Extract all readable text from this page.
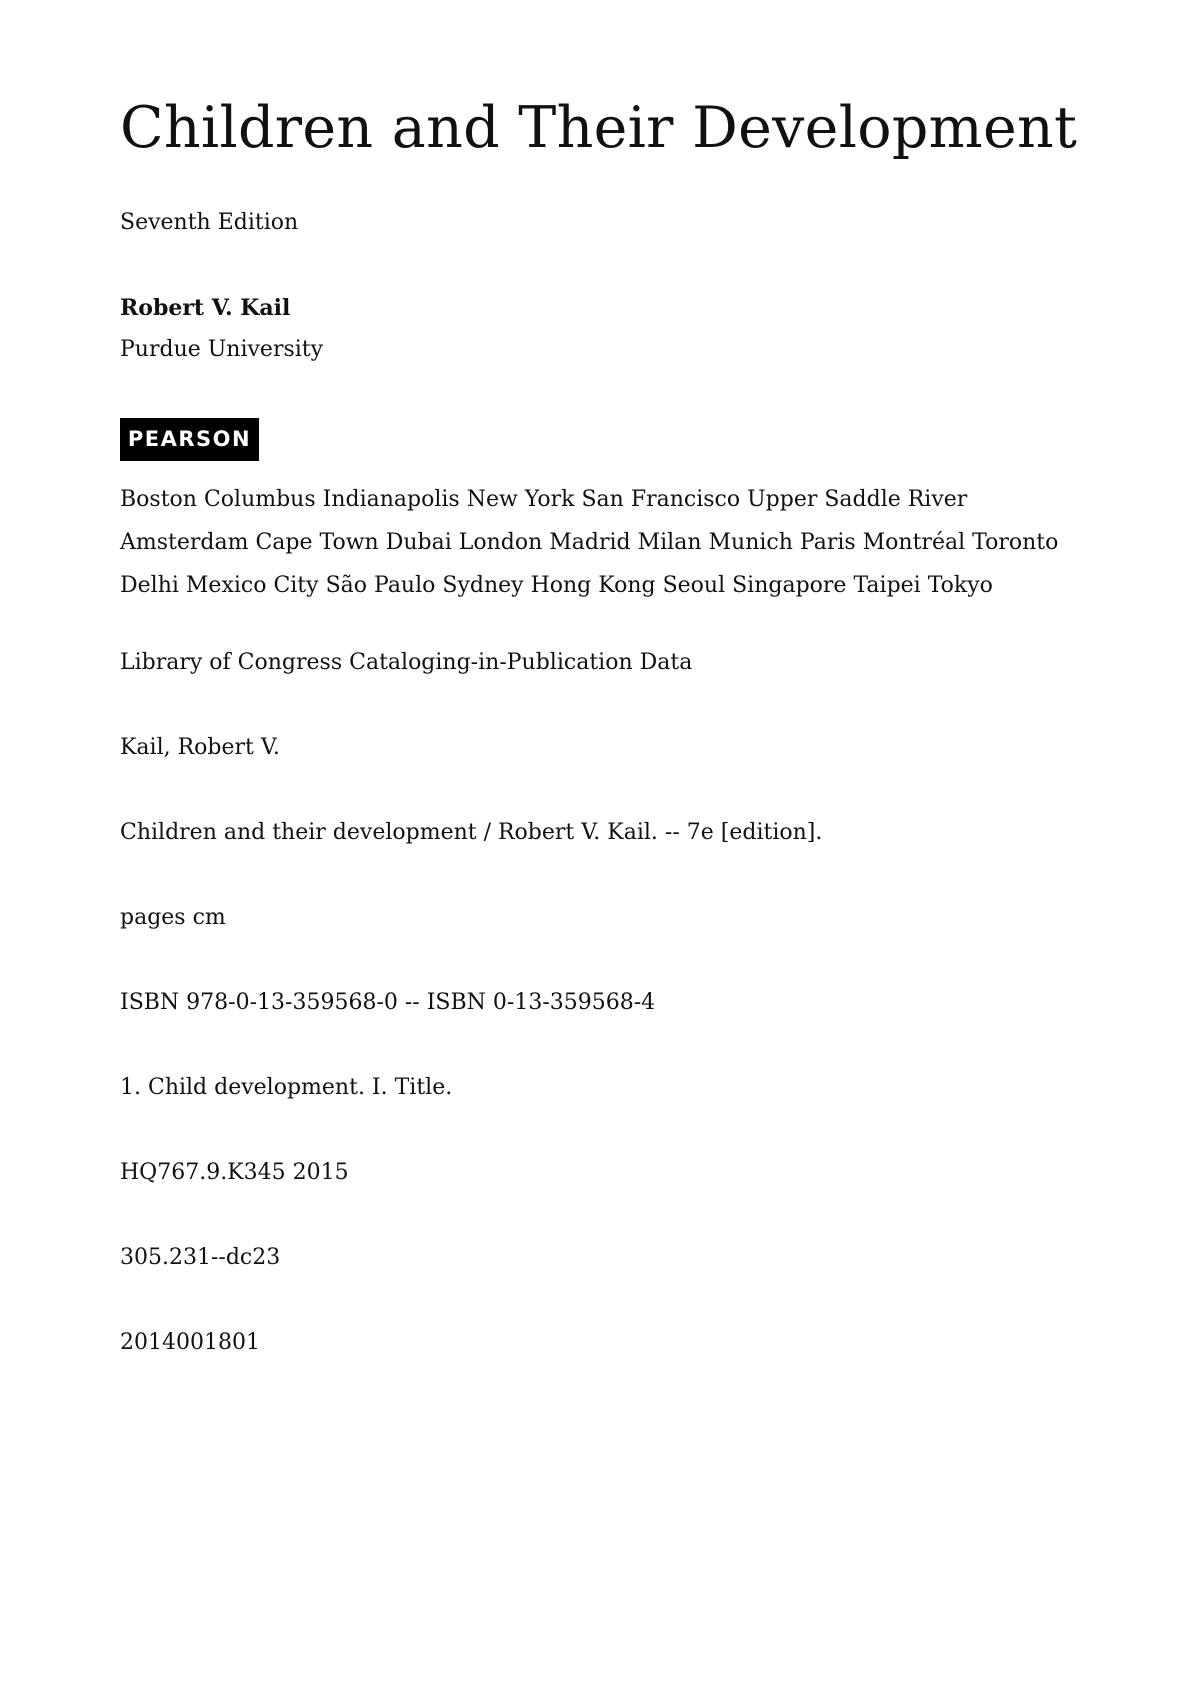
Children and Their Development

Seventh Edition

Robert V. Kail

Purdue University

PEARSON

Boston Columbus Indianapolis New York San Francisco Upper Saddle River Amsterdam Cape Town Dubai London Madrid Milan Munich Paris Montréal Toronto Delhi Mexico City São Paulo Sydney Hong Kong Seoul Singapore Taipei Tokyo

Library of Congress Cataloging-in-Publication Data

Kail, Robert V.

Children and their development / Robert V. Kail. -- 7e [edition].

pages cm

ISBN 978-0-13-359568-0 -- ISBN 0-13-359568-4

1. Child development. I. Title.

HQ767.9.K345 2015

305.231--dc23

2014001801
